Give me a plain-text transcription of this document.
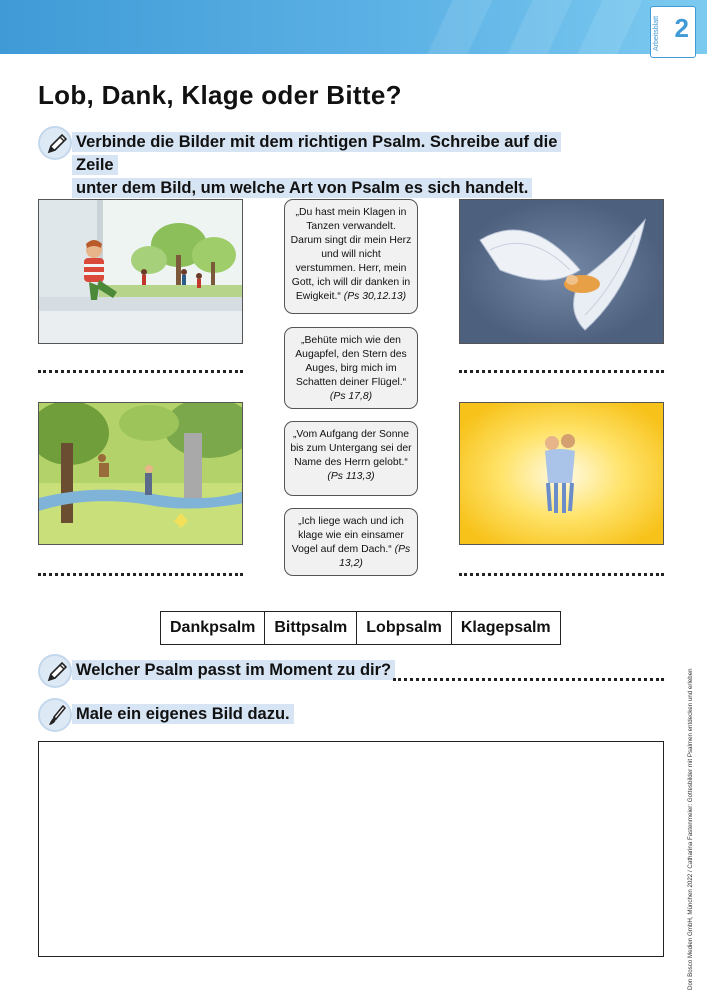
Arbeitsblatt 2
Lob, Dank, Klage oder Bitte?
Verbinde die Bilder mit dem richtigen Psalm. Schreibe auf die Zeile
unter dem Bild, um welche Art von Psalm es sich handelt.
„Du hast mein Klagen in Tanzen verwandelt. Darum singt dir mein Herz und will nicht verstummen. Herr, mein Gott, ich will dir danken in Ewigkeit.“ (Ps 30,12.13)
„Behüte mich wie den Augapfel, den Stern des Auges, birg mich im Schatten deiner Flügel.“ (Ps 17,8)
„Vom Aufgang der Sonne bis zum Untergang sei der Name des Herrn gelobt.“ (Ps 113,3)
„Ich liege wach und ich klage wie ein einsamer Vogel auf dem Dach.“ (Ps 13,2)
Dankpsalm	Bittpsalm	Lobpsalm	Klagepsalm
Welcher Psalm passt im Moment zu dir?
Male ein eigenes Bild dazu.	Don Bosco Medien GmbH, München 2022 / Catharina Fastenmeier: Gottesbilder mit Psalmen entdecken und erleben
